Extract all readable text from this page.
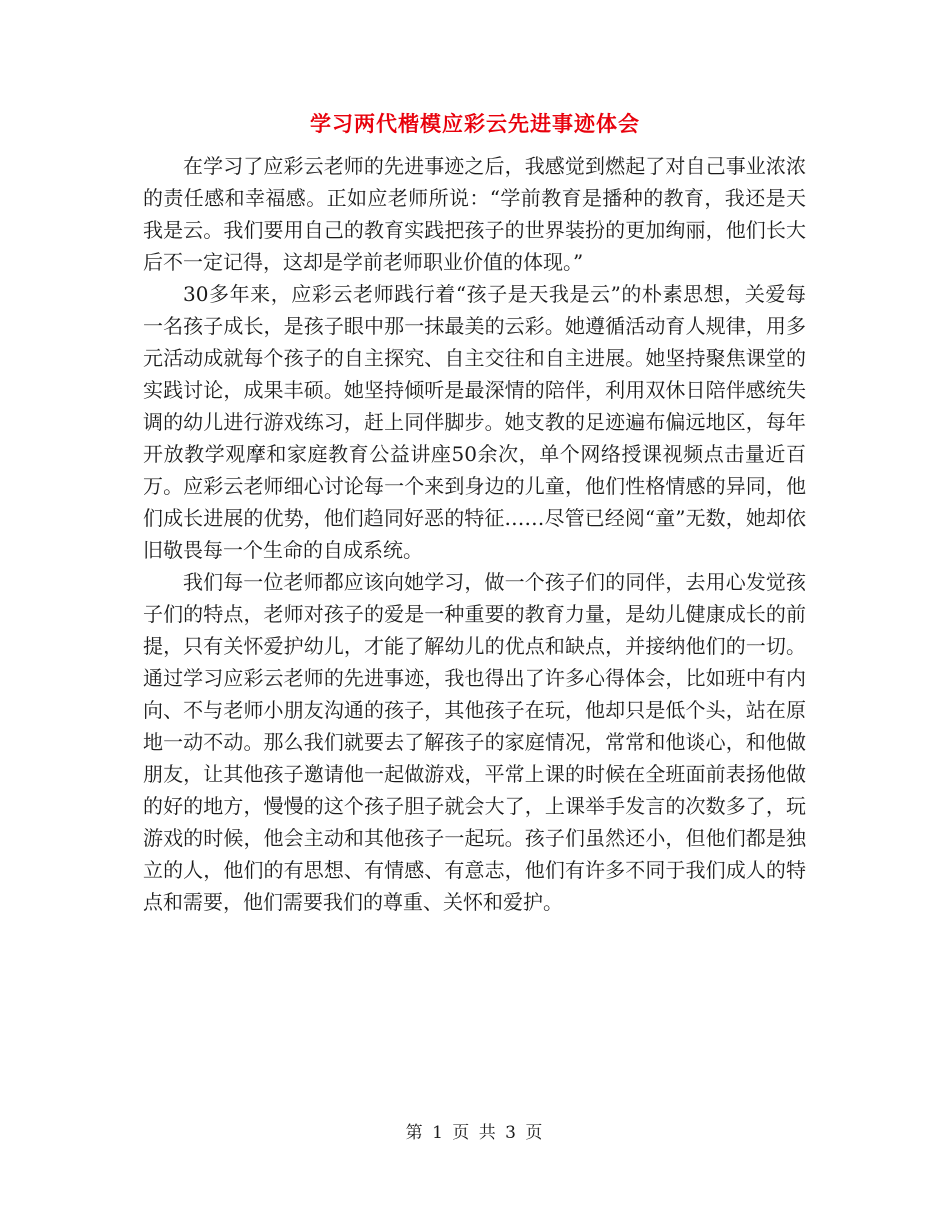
学习两代楷模应彩云先进事迹体会

在学习了应彩云老师的先进事迹之后，我感觉到燃起了对自己事业浓浓的责任感和幸福感。正如应老师所说：“学前教育是播种的教育，我还是天我是云。我们要用自己的教育实践把孩子的世界装扮的更加绚丽，他们长大后不一定记得，这却是学前老师职业价值的体现。”

30多年来，应彩云老师践行着“孩子是天我是云”的朴素思想，关爱每一名孩子成长，是孩子眼中那一抹最美的云彩。她遵循活动育人规律，用多元活动成就每个孩子的自主探究、自主交往和自主进展。她坚持聚焦课堂的实践讨论，成果丰硕。她坚持倾听是最深情的陪伴，利用双休日陪伴感统失调的幼儿进行游戏练习，赶上同伴脚步。她支教的足迹遍布偏远地区，每年开放教学观摩和家庭教育公益讲座50余次，单个网络授课视频点击量近百万。应彩云老师细心讨论每一个来到身边的儿童，他们性格情感的异同，他们成长进展的优势，他们趋同好恶的特征……尽管已经阅“童”无数，她却依旧敬畏每一个生命的自成系统。

我们每一位老师都应该向她学习，做一个孩子们的同伴，去用心发觉孩子们的特点，老师对孩子的爱是一种重要的教育力量，是幼儿健康成长的前提，只有关怀爱护幼儿，才能了解幼儿的优点和缺点，并接纳他们的一切。通过学习应彩云老师的先进事迹，我也得出了许多心得体会，比如班中有内向、不与老师小朋友沟通的孩子，其他孩子在玩，他却只是低个头，站在原地一动不动。那么我们就要去了解孩子的家庭情况，常常和他谈心，和他做朋友，让其他孩子邀请他一起做游戏，平常上课的时候在全班面前表扬他做的好的地方，慢慢的这个孩子胆子就会大了，上课举手发言的次数多了，玩游戏的时候，他会主动和其他孩子一起玩。孩子们虽然还小，但他们都是独立的人，他们的有思想、有情感、有意志，他们有许多不同于我们成人的特点和需要，他们需要我们的尊重、关怀和爱护。

第 1 页 共 3 页
